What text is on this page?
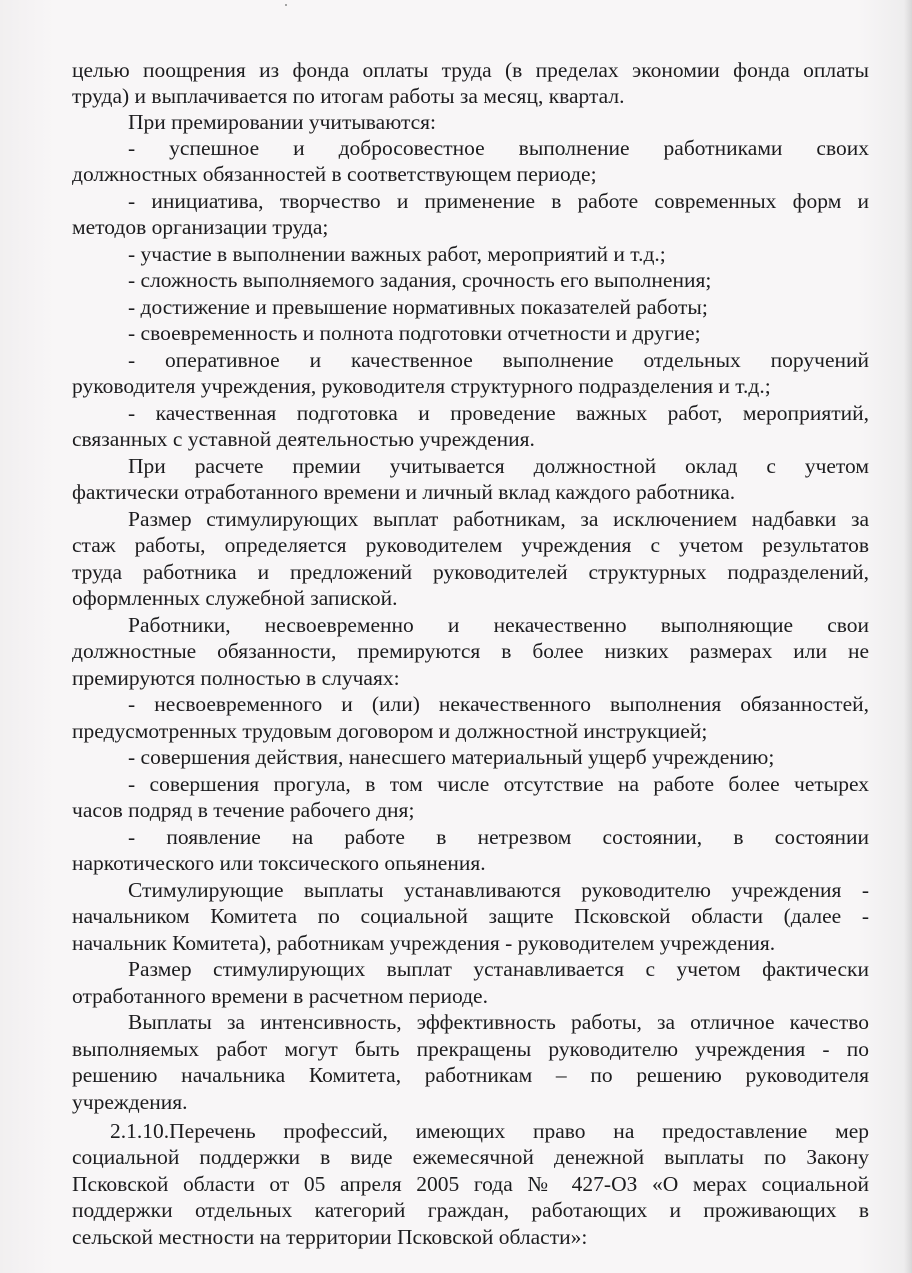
целью поощрения из фонда оплаты труда (в пределах экономии фонда оплаты

труда) и выплачивается по итогам работы за месяц, квартал.

При премировании учитываются:

- успешное и добросовестное выполнение работниками своих

должностных обязанностей в соответствующем периоде;

- инициатива, творчество и применение в работе современных форм и

методов организации труда;

- участие в выполнении важных работ, мероприятий и т.д.;

- сложность выполняемого задания, срочность его выполнения;

- достижение и превышение нормативных показателей работы;

- своевременность и полнота подготовки отчетности и другие;

- оперативное и качественное выполнение отдельных поручений

руководителя учреждения, руководителя структурного подразделения и т.д.;

- качественная подготовка и проведение важных работ, мероприятий,

связанных с уставной деятельностью учреждения.

При расчете премии учитывается должностной оклад с учетом

фактически отработанного времени и личный вклад каждого работника.

Размер стимулирующих выплат работникам, за исключением надбавки за

стаж работы, определяется руководителем учреждения с учетом результатов

труда работника и предложений руководителей структурных подразделений,

оформленных служебной запиской.

Работники, несвоевременно и некачественно выполняющие свои

должностные обязанности, премируются в более низких размерах или не

премируются полностью в случаях:

- несвоевременного и (или) некачественного выполнения обязанностей,

предусмотренных трудовым договором и должностной инструкцией;

- совершения действия, нанесшего материальный ущерб учреждению;

- совершения прогула, в том числе отсутствие на работе более четырех

часов подряд в течение рабочего дня;

- появление на работе в нетрезвом состоянии, в состоянии

наркотического или токсического опьянения.

Стимулирующие выплаты устанавливаются руководителю учреждения -

начальником Комитета по социальной защите Псковской области (далее -

начальник Комитета), работникам учреждения - руководителем учреждения.

Размер стимулирующих выплат устанавливается с учетом фактически

отработанного времени в расчетном периоде.

Выплаты за интенсивность, эффективность работы, за отличное качество

выполняемых работ могут быть прекращены руководителю учреждения - по

решению начальника Комитета, работникам – по решению руководителя

учреждения.

2.1.10.Перечень профессий, имеющих право на предоставление мер

социальной поддержки в виде ежемесячной денежной выплаты по Закону

Псковской области от 05 апреля 2005 года № 427-ОЗ «О мерах социальной

поддержки отдельных категорий граждан, работающих и проживающих в

сельской местности на территории Псковской области»:
